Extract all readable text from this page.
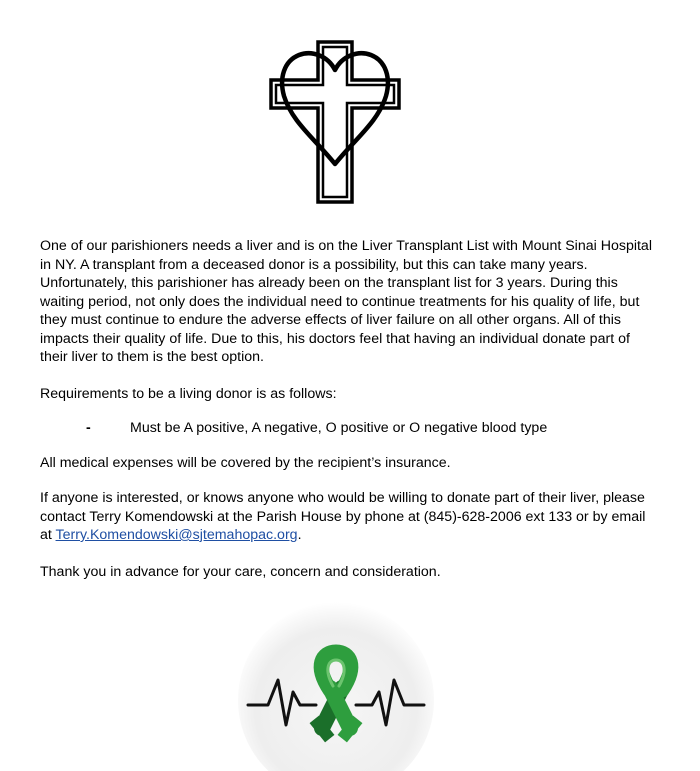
One of our parishioners needs a liver and is on the Liver Transplant List with Mount Sinai Hospital in NY. A transplant from a deceased donor is a possibility, but this can take many years. Unfortunately, this parishioner has already been on the transplant list for 3 years. During this waiting period, not only does the individual need to continue treatments for his quality of life, but they must continue to endure the adverse effects of liver failure on all other organs. All of this impacts their quality of life. Due to this, his doctors feel that having an individual donate part of their liver to them is the best option.

Requirements to be a living donor is as follows:

-	Must be A positive, A negative, O positive or O negative blood type

All medical expenses will be covered by the recipient’s insurance.

If anyone is interested, or knows anyone who would be willing to donate part of their liver, please contact Terry Komendowski at the Parish House by phone at (845)-628-2006 ext 133 or by email at Terry.Komendowski@sjtemahopac.org.

Thank you in advance for your care, concern and consideration.
